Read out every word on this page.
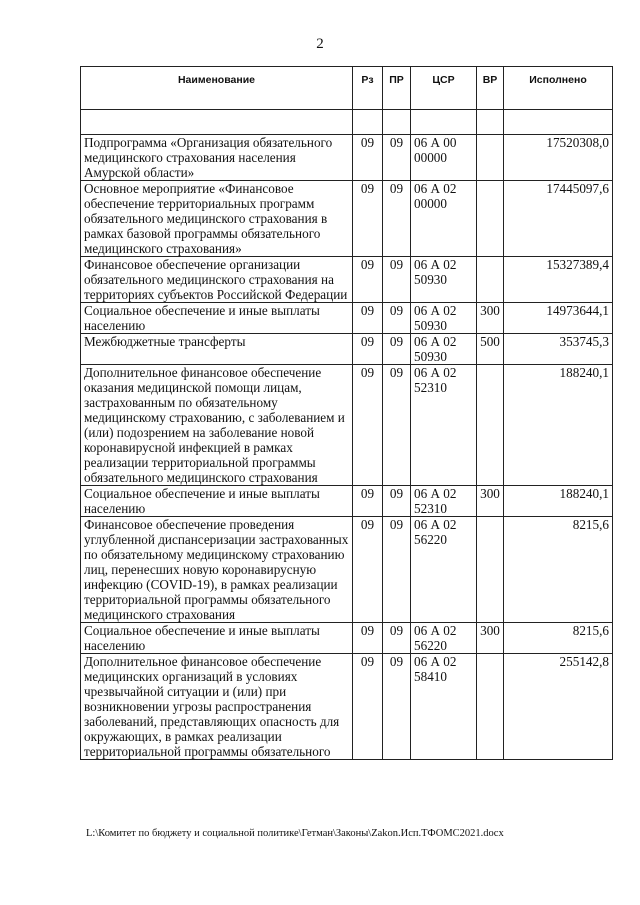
2
Наименование	Рз	ПР	ЦСР	ВР	Исполнено

Подпрограмма «Организация обязательного медицинского страхования населения Амурской области»	09	09	06 А 00 00000		17520308,0
Основное мероприятие «Финансовое обеспечение территориальных программ обязательного медицинского страхования в рамках базовой программы обязательного медицинского страхования»	09	09	06 А 02 00000		17445097,6
Финансовое обеспечение организации обязательного медицинского страхования на территориях субъектов Российской Федерации	09	09	06 А 02 50930		15327389,4
Социальное обеспечение и иные выплаты населению	09	09	06 А 02 50930	300	14973644,1
Межбюджетные трансферты	09	09	06 А 02 50930	500	353745,3
Дополнительное финансовое обеспечение оказания медицинской помощи лицам, застрахованным по обязательному медицинскому страхованию, с заболеванием и (или) подозрением на заболевание новой коронавирусной инфекцией в рамках реализации территориальной программы обязательного медицинского страхования	09	09	06 А 02 52310		188240,1
Социальное обеспечение и иные выплаты населению	09	09	06 А 02 52310	300	188240,1
Финансовое обеспечение проведения углубленной диспансеризации застрахованных по обязательному медицинскому страхованию лиц, перенесших новую коронавирусную инфекцию (COVID-19), в рамках реализации территориальной программы обязательного медицинского страхования	09	09	06 А 02 56220		8215,6
Социальное обеспечение и иные выплаты населению	09	09	06 А 02 56220	300	8215,6
Дополнительное финансовое обеспечение медицинских организаций в условиях чрезвычайной ситуации и (или) при возникновении угрозы распространения заболеваний, представляющих опасность для окружающих, в рамках реализации территориальной программы обязательного	09	09	06 А 02 58410		255142,8
L:\Комитет по бюджету и социальной политике\Гетман\Законы\Zakon.Исп.ТФОМС2021.docx
